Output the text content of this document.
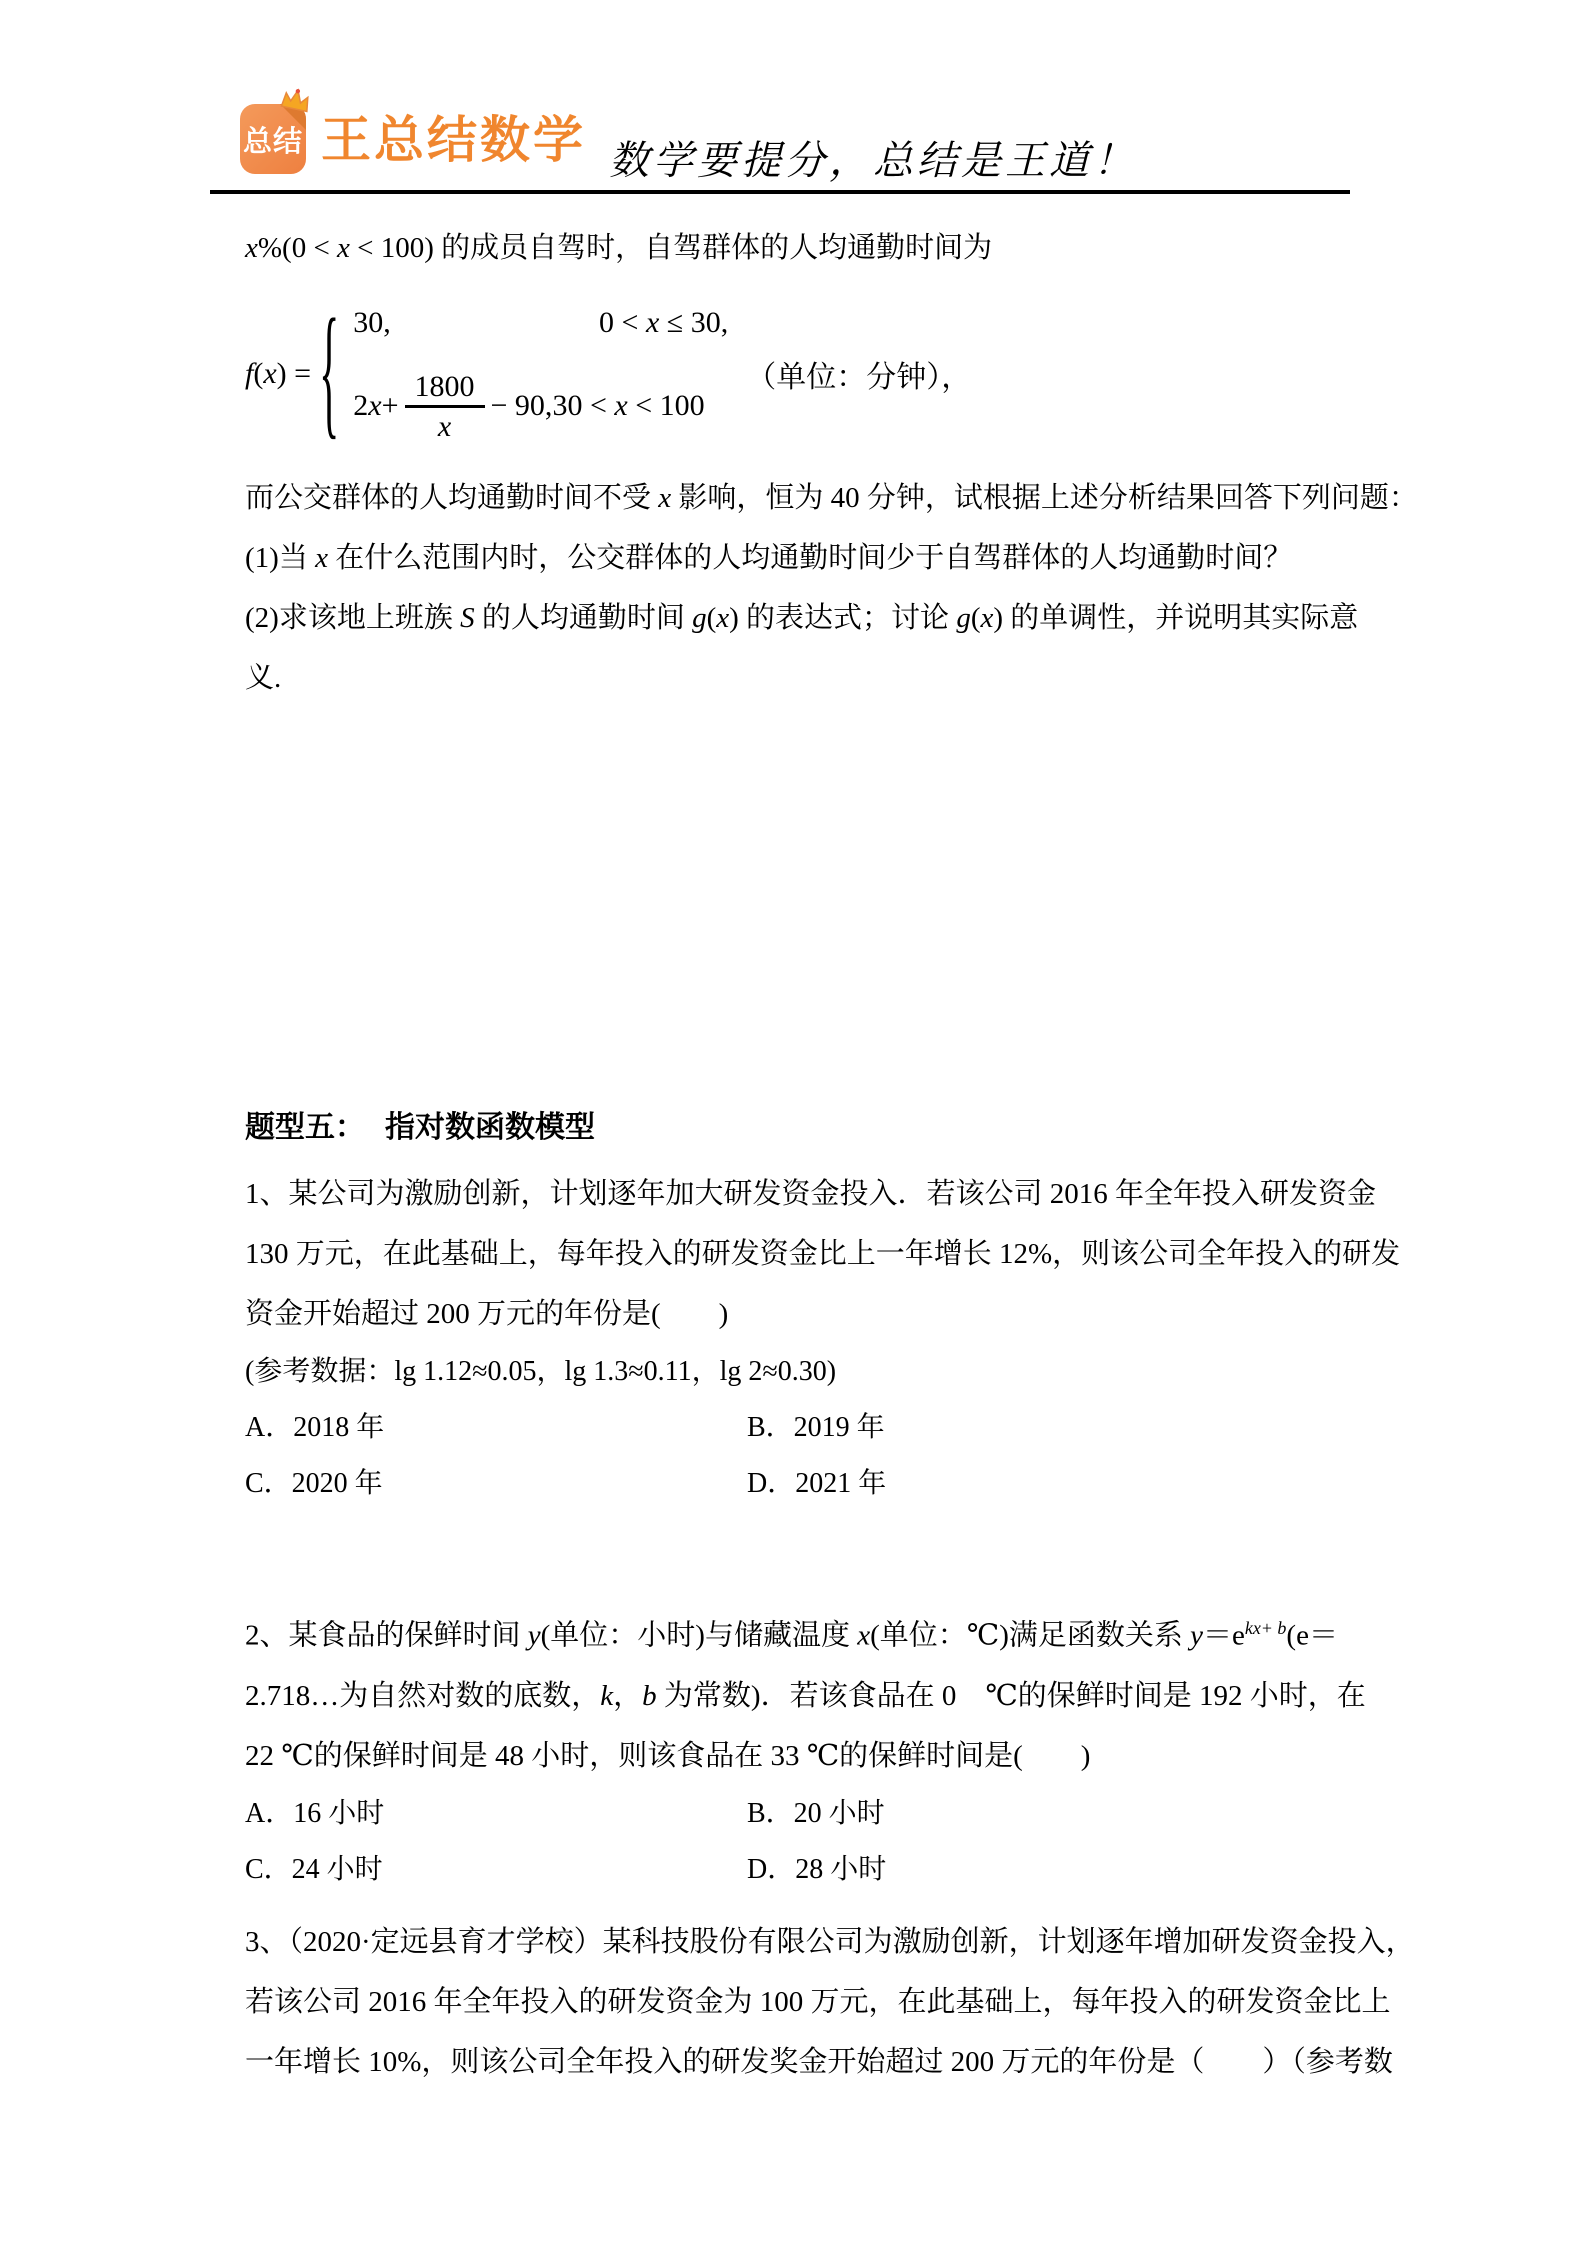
总结 王总结数学 数学要提分，总结是王道！

x%(0 < x < 100) 的成员自驾时，自驾群体的人均通勤时间为

f(x) = { 30,	0 < x ≤ 30,
2 $x + \frac{1800}{x} - 90$, 30 < x < 100
（单位：分钟），

而公交群体的人均通勤时间不受 x 影响，恒为 40 分钟，试根据上述分析结果回答下列问题：

(1)当 x 在什么范围内时，公交群体的人均通勤时间少于自驾群体的人均通勤时间？

(2)求该地上班族 S 的人均通勤时间 g(x) 的表达式；讨论 g(x) 的单调性，并说明其实际意

义.

题型五： 指对数函数模型

1、某公司为激励创新，计划逐年加大研发资金投入．若该公司 2016 年全年投入研发资金

130 万元，在此基础上，每年投入的研发资金比上一年增长 12%，则该公司全年投入的研发

资金开始超过 200 万元的年份是(　　)

(参考数据：lg 1.12≈0.05，lg 1.3≈0.11，lg 2≈0.30)

A．2018 年	B．2019 年
C．2020 年	D．2021 年

2、某食品的保鲜时间 y(单位：小时)与储藏温度 x(单位：℃)满足函数关系 $y=e^{kx+ b}(e=$

2.718…为自然对数的底数，k，b 为常数)．若该食品在 0　℃的保鲜时间是 192 小时，在

22 ℃的保鲜时间是 48 小时，则该食品在 33 ℃的保鲜时间是(　　)

A．16 小时	B．20 小时
C．24 小时	D．28 小时

3、（2020·定远县育才学校）某科技股份有限公司为激励创新，计划逐年增加研发资金投入，

若该公司 2016 年全年投入的研发资金为 100 万元，在此基础上，每年投入的研发资金比上

一年增长 10%，则该公司全年投入的研发奖金开始超过 200 万元的年份是（　　）（参考数
